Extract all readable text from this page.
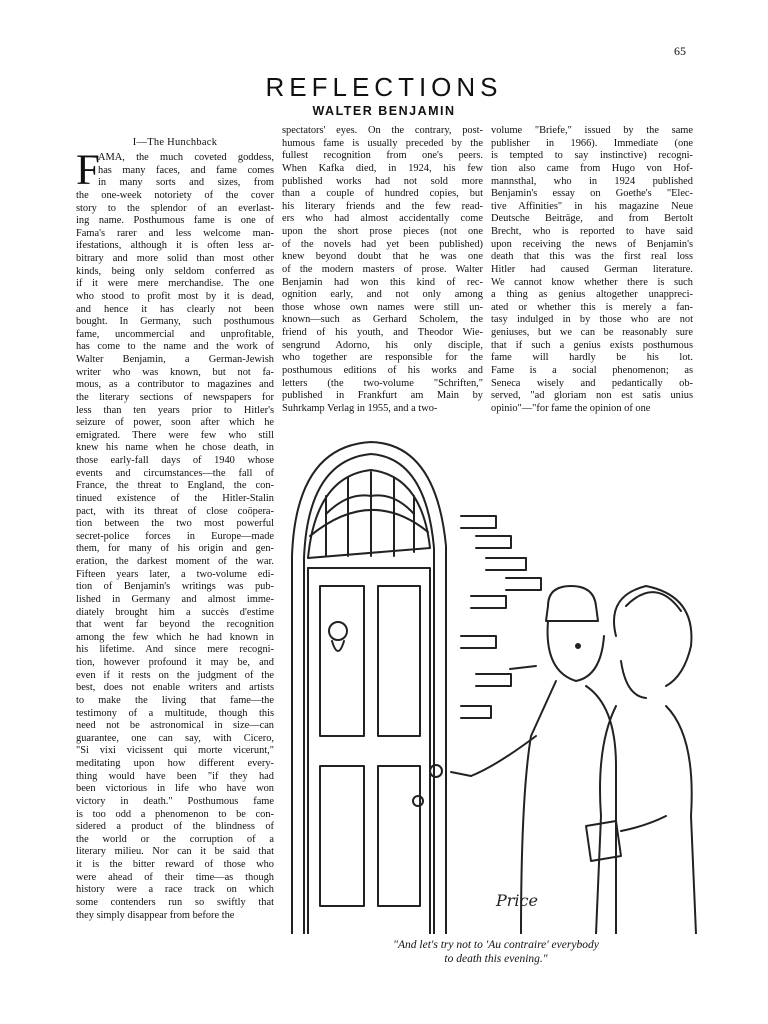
65
REFLECTIONS
WALTER BENJAMIN
I—The Hunchback
F
AMA, the much coveted goddess,
has many faces, and fame comes
in many sorts and sizes, from
the one-week notoriety of the cover
story to the splendor of an everlast-
ing name. Posthumous fame is one of
Fama's rarer and less welcome man-
ifestations, although it is often less ar-
bitrary and more solid than most other
kinds, being only seldom conferred as
if it were mere merchandise. The one
who stood to profit most by it is dead,
and hence it has clearly not been
bought. In Germany, such posthumous
fame, uncommercial and unprofitable,
has come to the name and the work of
Walter Benjamin, a German-Jewish
writer who was known, but not fa-
mous, as a contributor to magazines and
the literary sections of newspapers for
less than ten years prior to Hitler's
seizure of power, soon after which he
emigrated. There were few who still
knew his name when he chose death, in
those early-fall days of 1940 whose
events and circumstances—the fall of
France, the threat to England, the con-
tinued existence of the Hitler-Stalin
pact, with its threat of close coöpera-
tion between the two most powerful
secret-police forces in Europe—made
them, for many of his origin and gen-
eration, the darkest moment of the war.
Fifteen years later, a two-volume edi-
tion of Benjamin's writings was pub-
lished in Germany and almost imme-
diately brought him a succès d'estime
that went far beyond the recognition
among the few which he had known in
his lifetime. And since mere recogni-
tion, however profound it may be, and
even if it rests on the judgment of the
best, does not enable writers and artists
to make the living that fame—the
testimony of a multitude, though this
need not be astronomical in size—can
guarantee, one can say, with Cicero,
"Si vixi vicissent qui morte vicerunt,"
meditating upon how different every-
thing would have been "if they had
been victorious in life who have won
victory in death." Posthumous fame
is too odd a phenomenon to be con-
sidered a product of the blindness of
the world or the corruption of a
literary milieu. Nor can it be said that
it is the bitter reward of those who
were ahead of their time—as though
history were a race track on which
some contenders run so swiftly that
they simply disappear from before the
spectators' eyes. On the contrary, post-
humous fame is usually preceded by the
fullest recognition from one's peers.
When Kafka died, in 1924, his few
published works had not sold more
than a couple of hundred copies, but
his literary friends and the few read-
ers who had almost accidentally come
upon the short prose pieces (not one
of the novels had yet been published)
knew beyond doubt that he was one
of the modern masters of prose. Walter
Benjamin had won this kind of rec-
ognition early, and not only among
those whose own names were still un-
known—such as Gerhard Scholem, the
friend of his youth, and Theodor Wie-
sengrund Adorno, his only disciple,
who together are responsible for the
posthumous editions of his works and
letters (the two-volume "Schriften,"
published in Frankfurt am Main by
Suhrkamp Verlag in 1955, and a two-
volume "Briefe," issued by the same
publisher in 1966). Immediate (one
is tempted to say instinctive) recogni-
tion also came from Hugo von Hof-
mannsthal, who in 1924 published
Benjamin's essay on Goethe's "Elec-
tive Affinities" in his magazine Neue
Deutsche Beiträge, and from Bertolt
Brecht, who is reported to have said
upon receiving the news of Benjamin's
death that this was the first real loss
Hitler had caused German literature.
We cannot know whether there is such
a thing as genius altogether unappreci-
ated or whether this is merely a fan-
tasy indulged in by those who are not
geniuses, but we can be reasonably sure
that if such a genius exists posthumous
fame will hardly be his lot.
Fame is a social phenomenon; as
Seneca wisely and pedantically ob-
served, "ad gloriam non est satis unius
opinio"—"for fame the opinion of one
Price
"And let's try not to 'Au contraire' everybody
to death this evening."
